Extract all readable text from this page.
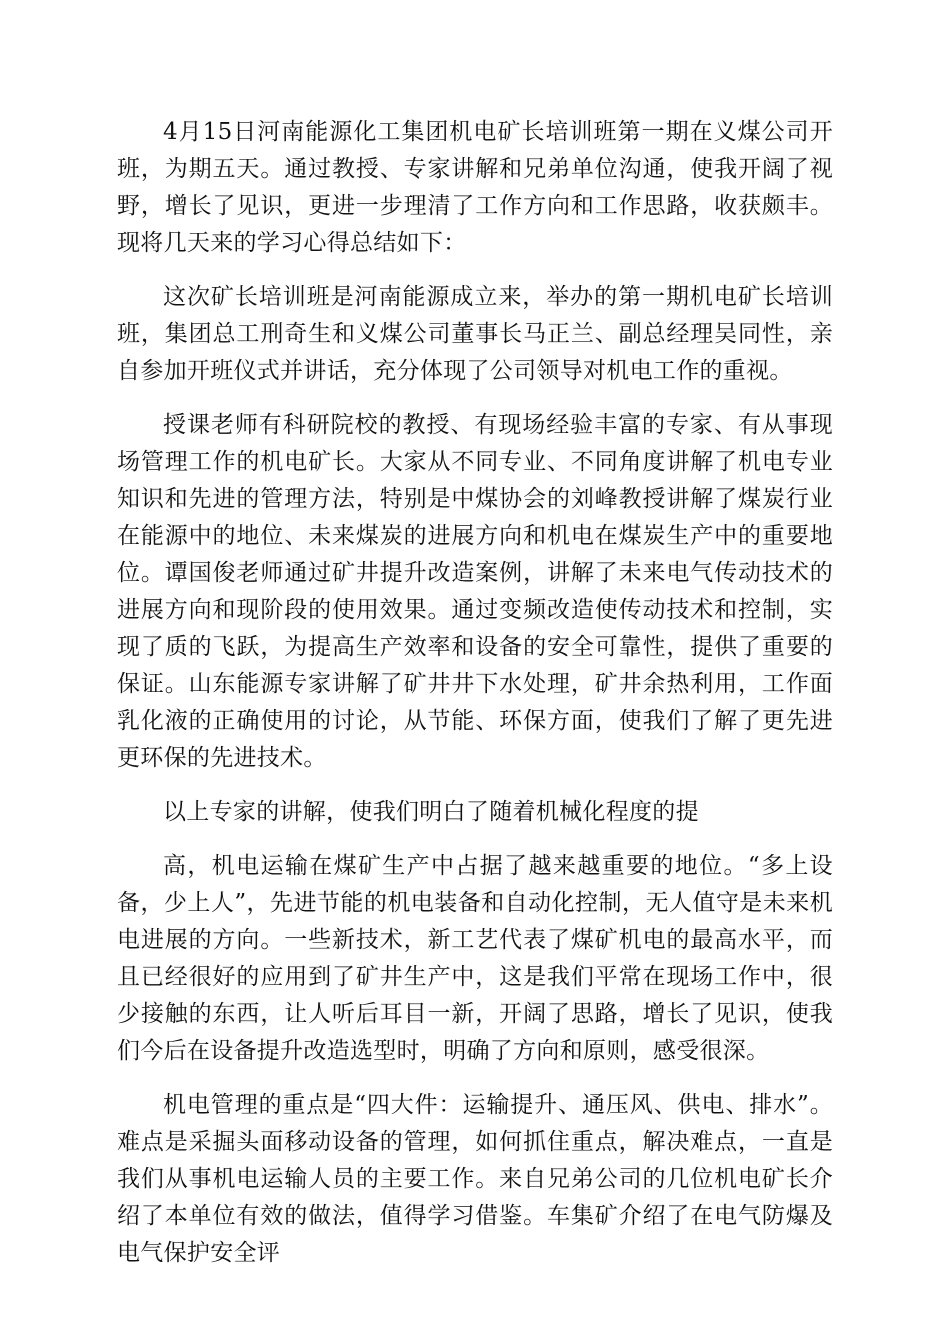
4月15日河南能源化工集团机电矿长培训班第一期在义煤公司开班，为期五天。通过教授、专家讲解和兄弟单位沟通，使我开阔了视野，增长了见识，更进一步理清了工作方向和工作思路，收获颇丰。现将几天来的学习心得总结如下：

这次矿长培训班是河南能源成立来，举办的第一期机电矿长培训班，集团总工刑奇生和义煤公司董事长马正兰、副总经理吴同性，亲自参加开班仪式并讲话，充分体现了公司领导对机电工作的重视。

授课老师有科研院校的教授、有现场经验丰富的专家、有从事现场管理工作的机电矿长。大家从不同专业、不同角度讲解了机电专业知识和先进的管理方法，特别是中煤协会的刘峰教授讲解了煤炭行业在能源中的地位、未来煤炭的进展方向和机电在煤炭生产中的重要地位。谭国俊老师通过矿井提升改造案例，讲解了未来电气传动技术的进展方向和现阶段的使用效果。通过变频改造使传动技术和控制，实现了质的飞跃，为提高生产效率和设备的安全可靠性，提供了重要的保证。山东能源专家讲解了矿井井下水处理，矿井余热利用，工作面乳化液的正确使用的讨论，从节能、环保方面，使我们了解了更先进更环保的先进技术。

以上专家的讲解，使我们明白了随着机械化程度的提

高，机电运输在煤矿生产中占据了越来越重要的地位。“多上设备，少上人”，先进节能的机电装备和自动化控制，无人值守是未来机电进展的方向。一些新技术，新工艺代表了煤矿机电的最高水平，而且已经很好的应用到了矿井生产中，这是我们平常在现场工作中，很少接触的东西，让人听后耳目一新，开阔了思路，增长了见识，使我们今后在设备提升改造选型时，明确了方向和原则，感受很深。

机电管理的重点是“四大件：运输提升、通压风、供电、排水”。难点是采掘头面移动设备的管理，如何抓住重点，解决难点，一直是我们从事机电运输人员的主要工作。来自兄弟公司的几位机电矿长介绍了本单位有效的做法，值得学习借鉴。车集矿介绍了在电气防爆及电气保护安全评
